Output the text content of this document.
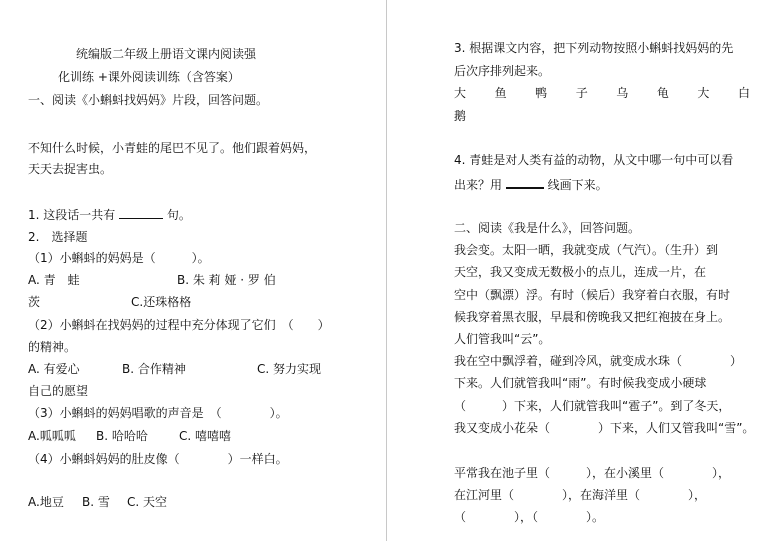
统编版二年级上册语文课内阅读强
化训练 +课外阅读训练（含答案）
一、阅读《小蝌蚪找妈妈》片段，回答问题。
不知什么时候，小青蛙的尾巴不见了。他们跟着妈妈，
天天去捉害虫。
1. 这段话一共有	句。
2.　选择题
（1）小蝌蚪的妈妈是（　　　）。
A. 青　蛙	B. 朱 莉 娅 · 罗 伯
茨	C.还珠格格
（2）小蝌蚪在找妈妈的过程中充分体现了它们　（　　）
的精神。
A. 有爱心	B. 合作精神	C. 努力实现
自己的愿望
（3）小蝌蚪的妈妈唱歌的声音是　（　　　　）。
A.呱呱呱 B. 哈哈哈	C. 嘻嘻嘻
（4）小蝌蚪妈妈的肚皮像（　　　　）一样白。
A.地豆 B. 雪 C. 天空
3. 根据课文内容，把下列动物按照小蝌蚪找妈妈的先
后次序排列起来。
大 鱼 鸭 子 乌 龟 大 白
鹅
4. 青蛙是对人类有益的动物，从文中哪一句中可以看
出来？用	线画下来。
二、阅读《我是什么》，回答问题。
我会变。太阳一晒，我就变成（气汽）。（生升）到
天空，我又变成无数极小的点儿，连成一片，在
空中（飘漂）浮。有时（候后）我穿着白衣服，有时
候我穿着黑衣服，早晨和傍晚我又把红袍披在身上。
人们管我叫“云”。
我在空中飘浮着，碰到冷风，就变成水珠（　　　　）
下来。人们就管我叫“雨”。有时候我变成小硬球
（　　　）下来，人们就管我叫“雹子”。到了冬天，
我又变成小花朵（　　　　）下来，人们又管我叫“雪”。
平常我在池子里（　　　），在小溪里（　　　　），
在江河里（　　　　），在海洋里（　　　　），
（　　　　），（　　　　）。
